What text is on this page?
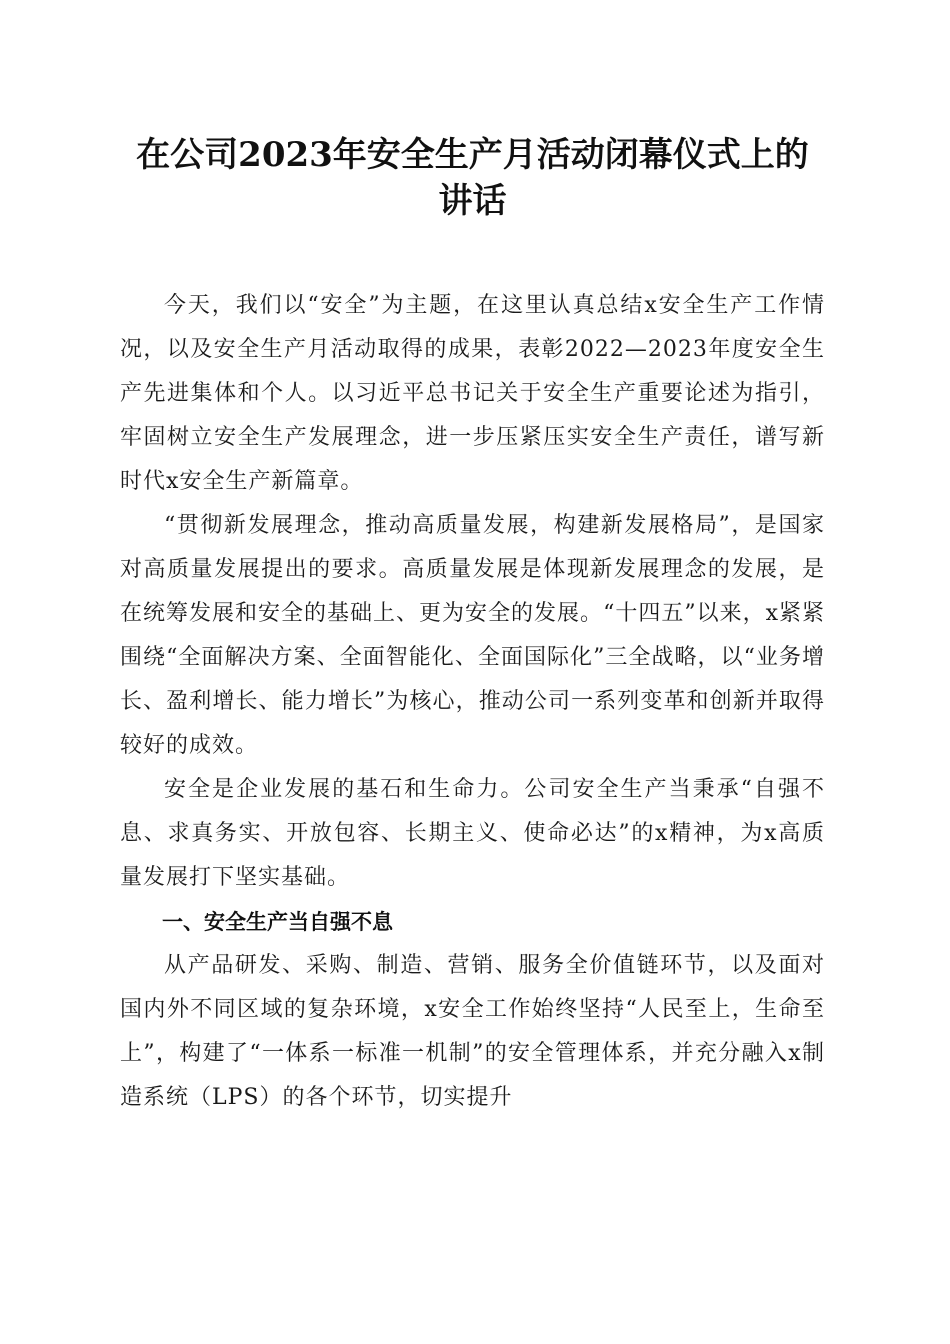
在公司2023年安全生产月活动闭幕仪式上的
讲话

今天，我们以“安全”为主题，在这里认真总结x安全生产工作情况，以及安全生产月活动取得的成果，表彰2022—2023年度安全生产先进集体和个人。以习近平总书记关于安全生产重要论述为指引，牢固树立安全生产发展理念，进一步压紧压实安全生产责任，谱写新时代x安全生产新篇章。

“贯彻新发展理念，推动高质量发展，构建新发展格局”，是国家对高质量发展提出的要求。高质量发展是体现新发展理念的发展，是在统筹发展和安全的基础上、更为安全的发展。“十四五”以来，x紧紧围绕“全面解决方案、全面智能化、全面国际化”三全战略，以“业务增长、盈利增长、能力增长”为核心，推动公司一系列变革和创新并取得较好的成效。

安全是企业发展的基石和生命力。公司安全生产当秉承“自强不息、求真务实、开放包容、长期主义、使命必达”的x精神，为x高质量发展打下坚实基础。

一、安全生产当自强不息

从产品研发、采购、制造、营销、服务全价值链环节，以及面对国内外不同区域的复杂环境，x安全工作始终坚持“人民至上，生命至上”，构建了“一体系一标准一机制”的安全管理体系，并充分融入x制造系统（LPS）的各个环节，切实提升
